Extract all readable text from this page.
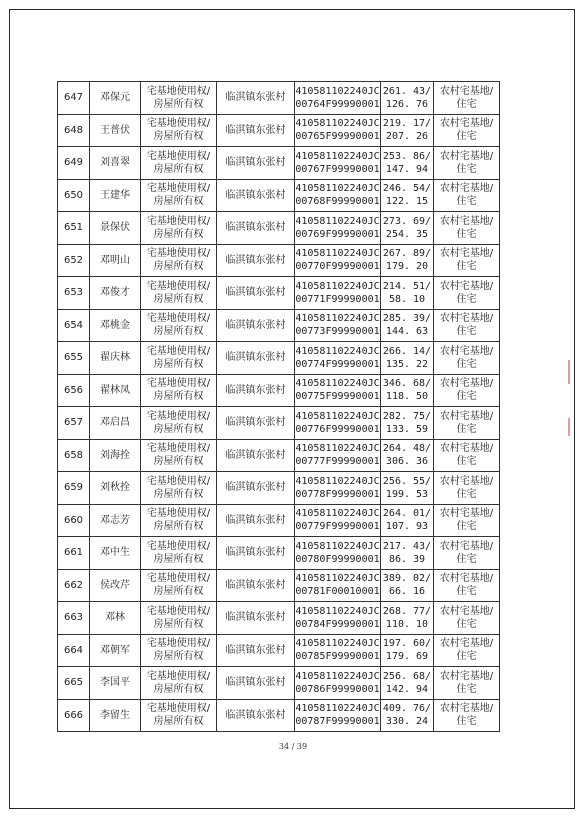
647	邓保元	宅基地使用权/
房屋所有权	临淇镇东张村	410581102240JC
00764F99990001	261. 43/
126. 76	农村宅基地/
住宅

648	王普伏	宅基地使用权/
房屋所有权	临淇镇东张村	410581102240JC
00765F99990001	219. 17/
207. 26	农村宅基地/
住宅

649	刘喜翠	宅基地使用权/
房屋所有权	临淇镇东张村	410581102240JC
00767F99990001	253. 86/
147. 94	农村宅基地/
住宅

650	王建华	宅基地使用权/
房屋所有权	临淇镇东张村	410581102240JC
00768F99990001	246. 54/
122. 15	农村宅基地/
住宅

651	景保伏	宅基地使用权/
房屋所有权	临淇镇东张村	410581102240JC
00769F99990001	273. 69/
254. 35	农村宅基地/
住宅

652	邓明山	宅基地使用权/
房屋所有权	临淇镇东张村	410581102240JC
00770F99990001	267. 89/
179. 20	农村宅基地/
住宅

653	邓俊才	宅基地使用权/
房屋所有权	临淇镇东张村	410581102240JC
00771F99990001	214. 51/
58. 10	农村宅基地/
住宅

654	邓桃金	宅基地使用权/
房屋所有权	临淇镇东张村	410581102240JC
00773F99990001	285. 39/
144. 63	农村宅基地/
住宅

655	翟庆林	宅基地使用权/
房屋所有权	临淇镇东张村	410581102240JC
00774F99990001	266. 14/
135. 22	农村宅基地/
住宅

656	翟林凤	宅基地使用权/
房屋所有权	临淇镇东张村	410581102240JC
00775F99990001	346. 68/
118. 50	农村宅基地/
住宅

657	邓启昌	宅基地使用权/
房屋所有权	临淇镇东张村	410581102240JC
00776F99990001	282. 75/
133. 59	农村宅基地/
住宅

658	刘海拴	宅基地使用权/
房屋所有权	临淇镇东张村	410581102240JC
00777F99990001	264. 48/
306. 36	农村宅基地/
住宅

659	刘秋拴	宅基地使用权/
房屋所有权	临淇镇东张村	410581102240JC
00778F99990001	256. 55/
199. 53	农村宅基地/
住宅

660	邓志芳	宅基地使用权/
房屋所有权	临淇镇东张村	410581102240JC
00779F99990001	264. 01/
107. 93	农村宅基地/
住宅

661	邓中生	宅基地使用权/
房屋所有权	临淇镇东张村	410581102240JC
00780F99990001	217. 43/
86. 39	农村宅基地/
住宅

662	侯改芹	宅基地使用权/
房屋所有权	临淇镇东张村	410581102240JC
00781F00010001	389. 02/
66. 16	农村宅基地/
住宅

663	邓林	宅基地使用权/
房屋所有权	临淇镇东张村	410581102240JC
00784F99990001	268. 77/
110. 10	农村宅基地/
住宅

664	邓朝军	宅基地使用权/
房屋所有权	临淇镇东张村	410581102240JC
00785F99990001	197. 60/
179. 69	农村宅基地/
住宅

665	李国平	宅基地使用权/
房屋所有权	临淇镇东张村	410581102240JC
00786F99990001	256. 68/
142. 94	农村宅基地/
住宅

666	李留生	宅基地使用权/
房屋所有权	临淇镇东张村	410581102240JC
00787F99990001	409. 76/
330. 24	农村宅基地/
住宅
34 / 39
